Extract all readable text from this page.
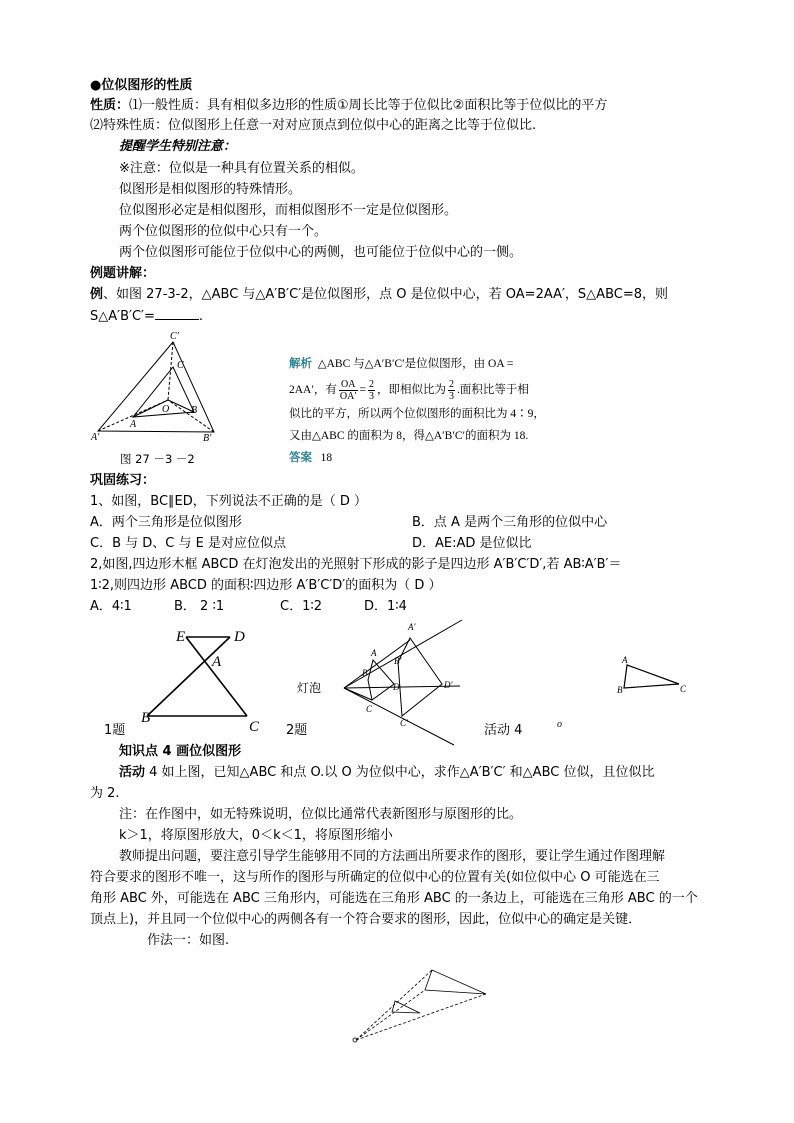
●位似图形的性质
性质：⑴一般性质：具有相似多边形的性质①周长比等于位似比②面积比等于位似比的平方
⑵特殊性质：位似图形上任意一对对应顶点到位似中心的距离之比等于位似比.
提醒学生特别注意：
※注意：位似是一种具有位置关系的相似。
似图形是相似图形的特殊情形。
位似图形必定是相似图形，而相似图形不一定是位似图形。
两个位似图形的位似中心只有一个。
两个位似图形可能位于位似中心的两侧，也可能位于位似中心的一侧。
例题讲解：
例、如图 27-3-2，△ABC 与△A′B′C′是位似图形，点 O 是位似中心，若 OA=2AA′，S△ABC=8，则
S△A′B′C′=	.
C′
C
B
A
O
A′	B′
图 27 －3 －2
解析 △ABC 与△A′B′C′是位似图形，由 OA =
2AA′，有 $\frac{OA}{OA'} = \frac{2}{3}$ ，即相似比为 $\frac{2}{3}$ .面积比等于相
似比的平方，所以两个位似图形的面积比为 4∶9，
又由△ABC 的面积为 8，得△A′B′C′的面积为 18.
答案 18
巩固练习：
1、如图，BC∥ED，下列说法不正确的是（ D ）
A．两个三角形是位似图形	B．点 A 是两个三角形的位似中心
C．B 与 D、C 与 E 是对应位似点	D．AE:AD 是位似比
2,如图,四边形木框 ABCD 在灯泡发出的光照射下形成的影子是四边形 A′B′C′D′,若 AB∶A′B′＝
1∶2,则四边形 ABCD 的面积∶四边形 A′B′C′D′的面积为（ D ）
A．4∶1	B． 2 ∶1	C．1∶2	D．1∶4
E	D
A
B
C
1题
灯泡
A′
B′
A
B
D	D′
C
C′
2题
A
B	C
o
活动 4
知识点 4 画位似图形
活动 4 如上图，已知△ABC 和点 O.以 O 为位似中心，求作△A′B′C′ 和△ABC 位似，且位似比
为 2.
注：在作图中，如无特殊说明，位似比通常代表新图形与原图形的比。
k＞1，将原图形放大，0＜k＜1，将原图形缩小
教师提出问题，要注意引导学生能够用不同的方法画出所要求作的图形，要让学生通过作图理解
符合要求的图形不唯一，这与所作的图形与所确定的位似中心的位置有关(如位似中心 O 可能选在三
角形 ABC 外，可能选在 ABC 三角形内，可能选在三角形 ABC 的一条边上，可能选在三角形 ABC 的一个
顶点上)，并且同一个位似中心的两侧各有一个符合要求的图形，因此，位似中心的确定是关键．
作法一：如图.
